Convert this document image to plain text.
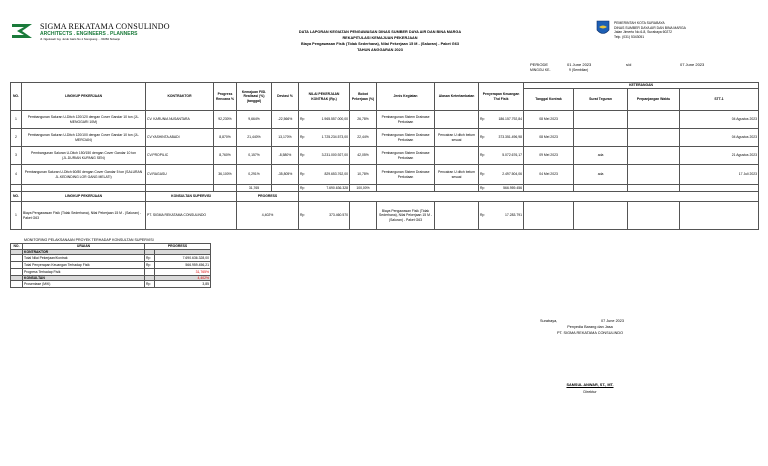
SIGMA REKATAMA CONSULINDO
ARCHITECTS . ENGINEERS . PLANNERS
Jl. Ngeluweh Gg. Jeruk Garis No.1 Srengseng ... 60282 Sidoarjo
DATA LAPORAN KEGIATAN PENGAWASAN DINAS SUMBER DAYA AIR DAN BINA MARGA
REKAPITULASI KEMAJUAN PEKERJAAN
Biaya Pengawasan Fisik (Tidak Sederhana), Nilai Pekerjaan 15 M - (Saluran) - Paket G63
TAHUN ANGGARAN 2023
PEMERINTAH KOTA SURABAYA
DINAS SUMBER DAYA AIR DAN BINA MARGA
Jalan Jimerto No.6-8, Surabaya 60272
Telp. (031) 5343051
PERIODE
MINGGU KE-
01 June 2023	s/d	07 June 2023
9 (Sembilan)
NO.	LINGKUP PEKERJAAN	KONTRAKTOR	Progress Rencana %	Kemajuan FISI. Realisasi (%) (tanggal)	Deviasi %	NILAI PEKERJAAN KONTRAK (Rp.)		Bobot Pekerjaan (%)	Jenis Kegiatan	Alasan Keterlambatan	Penyerapan Keuangan Thd Fisik		KETERANGAN			
													Tanggal Kontrak	Surat Teguran	Perpanjangan Waktu	STT-1
1	Pembangunan Saluran U-Ditch 120/120 dengan Cover Gandar 10 ton (JL. MENGGARI 10M)	CV. KARUNIA NUSANTARA	92,230%	9,664%	-22,566%	Rp	1.965.557.000,00	26,78%	Pembangunan Sistem Drainase Perkotaan		Rp	186.157.792,84	08 Mei 2023			04 Agustus 2023
2	Pembangunan Saluran U-Ditch 120/100 dengan Cover Gandar 10 ton (JL. MERCIAN)	CV.YASHINTA ABADI	8,870%	21,440%	13,170%	Rp	1.725.234.573,00	22,44%	Pembangunan Sistem Drainase Perkotaan	Pencairan U ditch belum sesuai	Rp	373.351.496,98	08 Mei 2023			04 Agustus 2023
3	Pembangunan Saluran U-Ditch 150/150 dengan Cover Gandar 10 ton (JL.DURIAN KUPANG SEN)	CV.PROPILIC	8,760%	0,157%	-8,580%	Rp	3.231.000.927,00	42,05%	Pembangunan Sistem Drainase Perkotaan		Rp	5.072.676,17	09 Mei 2023	ada		21 Agustus 2023
4	Pembangunan Saluran U-Ditch 60/80 dengan Cover Gandar 5 ton (SALURAN JL.KEDINDING LOR GANG MELATI)	CV.RAGASU	36,100%	0,291%	-35,805%	Rp	829.653.762,00	10,78%	Pembangunan Sistem Drainase Perkotaan	Pencairan U ditch belum sesuai	Rp	2.497.504,06	04 Mei 2023	ada		17 Juli 2023
				31,765		Rp	7.690.636.328	100,00%			Rp	566.959.456				
NO.	LINGKUP PEKERJAAN	KONSULTAN SUPERVISI		PROGRESS												
1	Biaya Pengawasan Fisik (Tidak Sederhana), Nilai Pekerjaan 15 M - (Saluran) - Paket G63	PT. SIGMA REKATAMA CONSULINDO		4,402%		Rp	373.460.570		Biaya Pengawasan Fisik (Tidak Sederhana), Nilai Pekerjaan 15 M - (Saluran) - Paket G63		Rp	17.283.791				
MONITORING PELAKSANAAN PROYEK TERHADAP KONSULTAN SUPERVISI
NO.	URAIAN	PROGRESS	
	KONTRAKTOR		
	Total Nilai Pekerjaan/Kontrak	Rp	7.690.636.328,00
	Total Penyerapan Keuangan Terhadap Fisik	Rp	566.959.456,21
	Progress Terhadap Fisik		31,765%
	KONSULTAN		4,402%
	Prosentase (M/K)	Rp	3,85
Surabaya,	07 June 2023
Penyedia Barang dan Jasa
PT. SIGMA REKATAMA CONSULINDO
SAMSUL ANWAR, ST., MT.
Direktur
